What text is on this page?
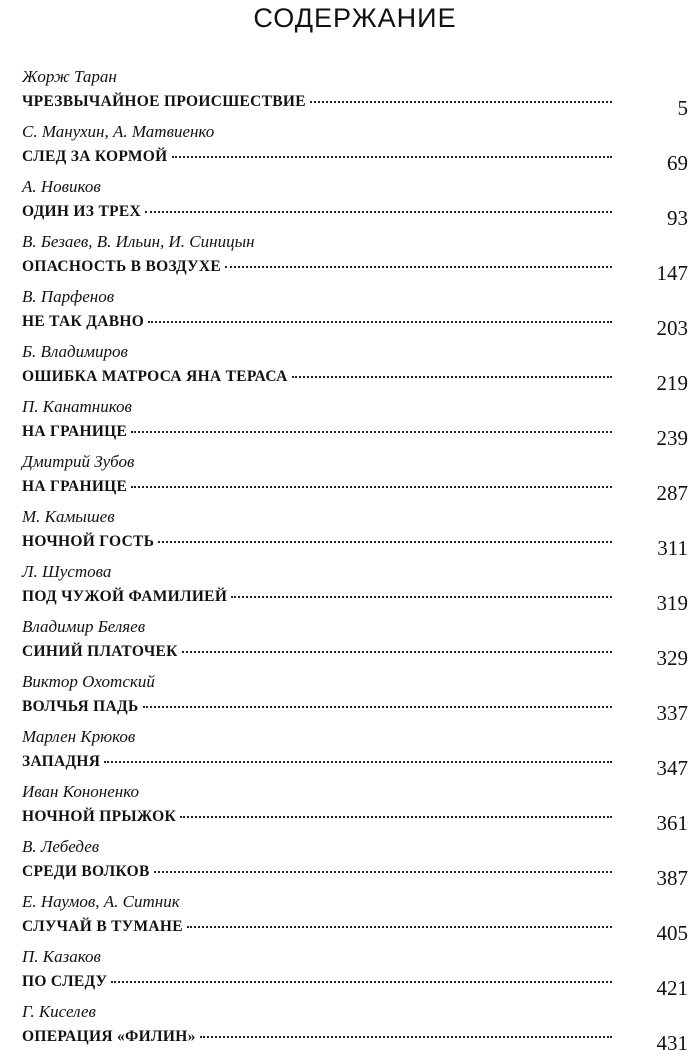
СОДЕРЖАНИЕ
Жорж Таран
ЧРЕЗВЫЧАЙНОЕ ПРОИСШЕСТВИЕ	5
С. Манухин, А. Матвиенко
СЛЕД ЗА КОРМОЙ	69
А. Новиков
ОДИН ИЗ ТРЕХ	93
В. Безаев, В. Ильин, И. Синицын
ОПАСНОСТЬ В ВОЗДУХЕ	147
В. Парфенов
НЕ ТАК ДАВНО	203
Б. Владимиров
ОШИБКА МАТРОСА ЯНА ТЕРАСА	219
П. Канатников
НА ГРАНИЦЕ	239
Дмитрий Зубов
НА ГРАНИЦЕ	287
М. Камышев
НОЧНОЙ ГОСТЬ	311
Л. Шустова
ПОД ЧУЖОЙ ФАМИЛИЕЙ	319
Владимир Беляев
СИНИЙ ПЛАТОЧЕК	329
Виктор Охотский
ВОЛЧЬЯ ПАДЬ	337
Марлен Крюков
ЗАПАДНЯ	347
Иван Кононенко
НОЧНОЙ ПРЫЖОК	361
В. Лебедев
СРЕДИ ВОЛКОВ	387
Е. Наумов, А. Ситник
СЛУЧАЙ В ТУМАНЕ	405
П. Казаков
ПО СЛЕДУ	421
Г. Киселев
ОПЕРАЦИЯ «ФИЛИН»	431
